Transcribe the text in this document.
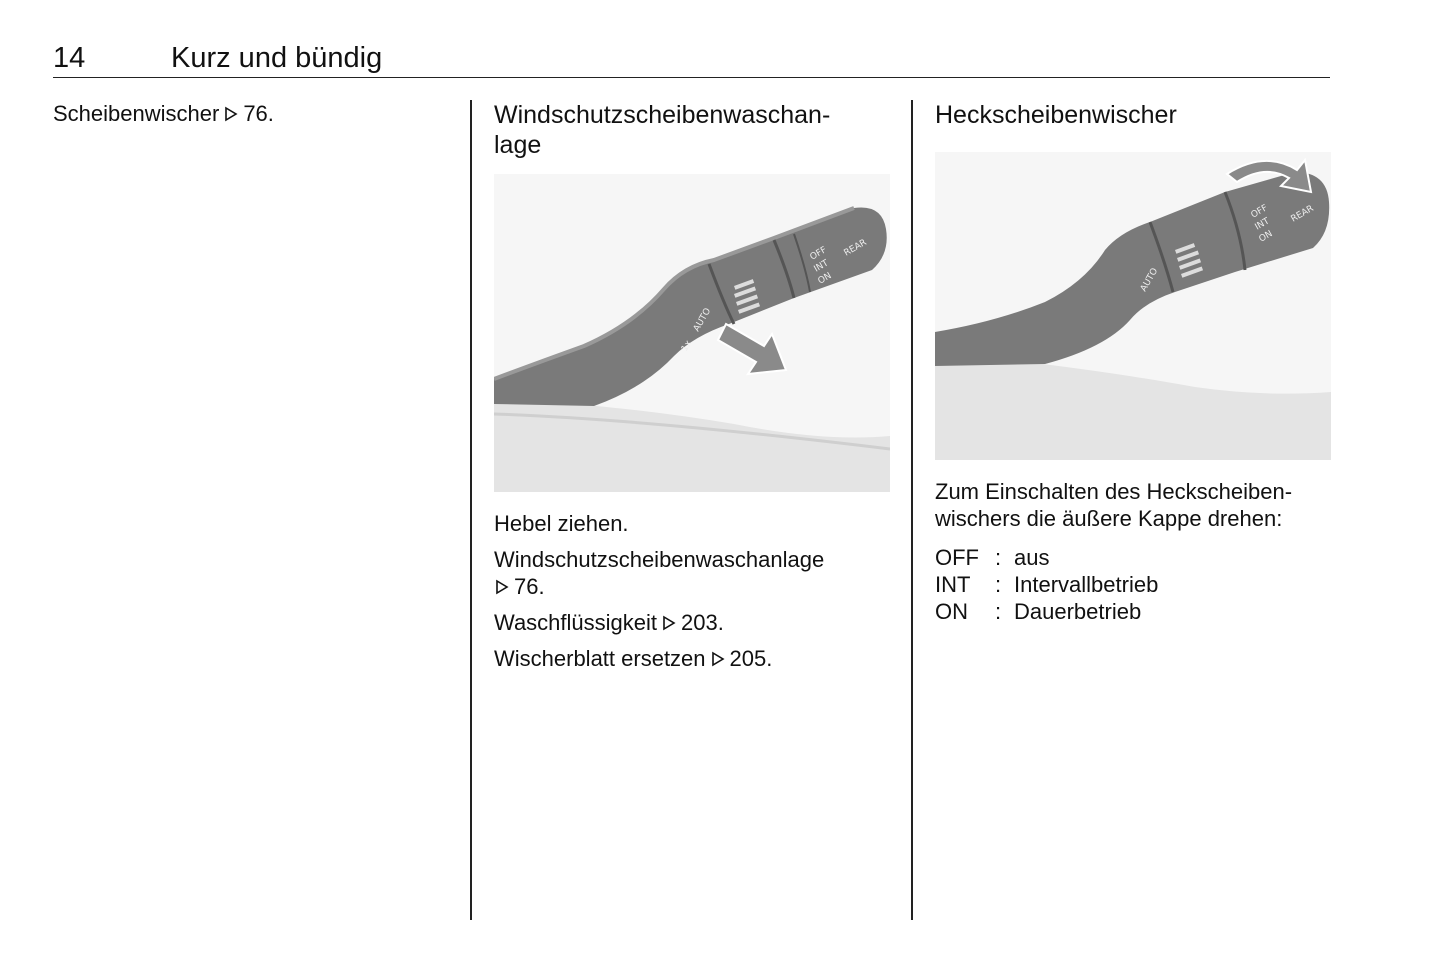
14	Kurz und bündig

Scheibenwischer 76.	Windschutzscheibenwaschan-
lage
OFF
INT
ON
REAR
AUTO
1x

Hebel ziehen.

Windschutzscheibenwaschanlage
76.

Waschflüssigkeit 203.

Wischerblatt ersetzen 205.

Heckscheibenwischer
OFF
INT
ON
REAR
AUTO

Zum Einschalten des Heckscheiben-
wischers die äußere Kappe drehen:

OFF : aus
INT	: Intervallbetrieb
ON	: Dauerbetrieb
